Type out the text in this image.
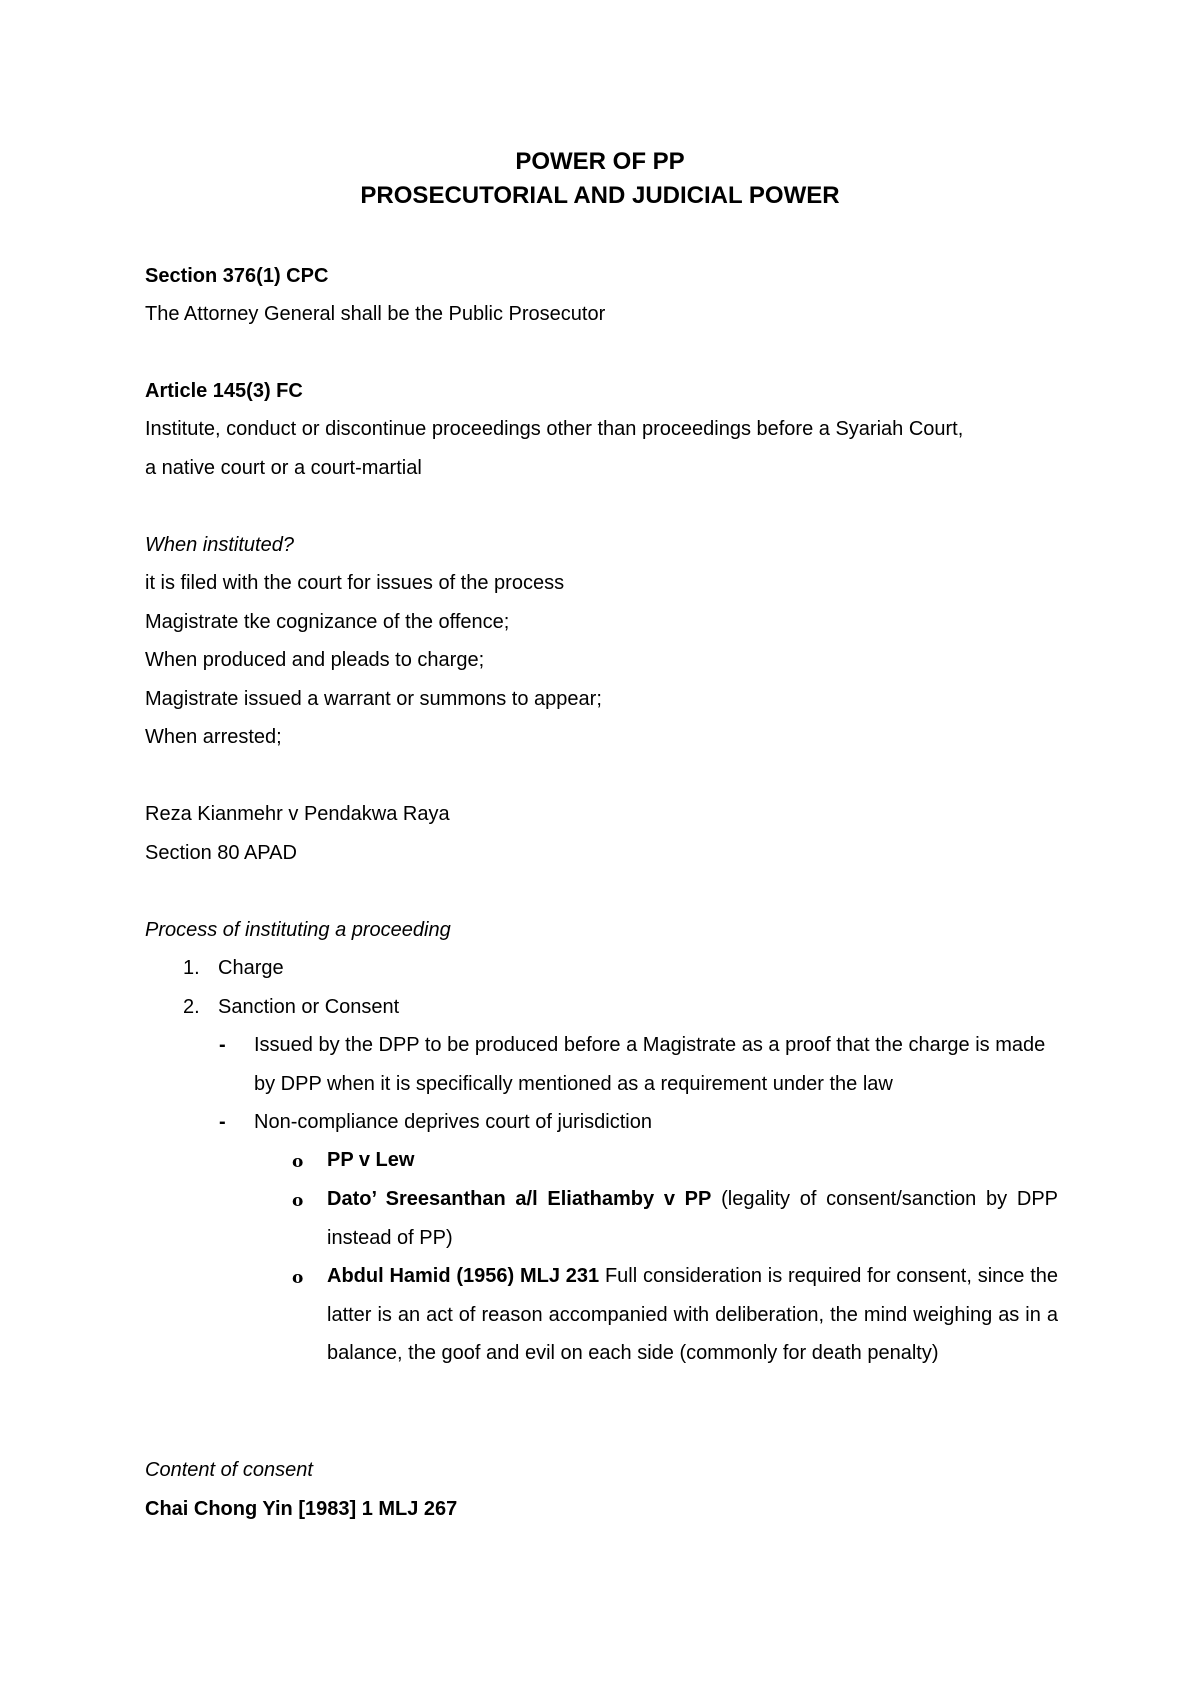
POWER OF PP
PROSECUTORIAL AND JUDICIAL POWER
Section 376(1) CPC
The Attorney General shall be the Public Prosecutor
Article 145(3) FC
Institute, conduct or discontinue proceedings other than proceedings before a Syariah Court,
a native court or a court-martial
When instituted?
it is filed with the court for issues of the process
Magistrate tke cognizance of the offence;
When produced and pleads to charge;
Magistrate issued a warrant or summons to appear;
When arrested;
Reza Kianmehr v Pendakwa Raya
Section 80 APAD
Process of instituting a proceeding
1. Charge
2. Sanction or Consent
- Issued by the DPP to be produced before a Magistrate as a proof that the charge is made by DPP when it is specifically mentioned as a requirement under the law
- Non-compliance deprives court of jurisdiction
o PP v Lew
o Dato’ Sreesanthan a/l Eliathamby v PP (legality of consent/sanction by DPP instead of PP)
o Abdul Hamid (1956) MLJ 231 Full consideration is required for consent, since the latter is an act of reason accompanied with deliberation, the mind weighing as in a balance, the goof and evil on each side (commonly for death penalty)
Content of consent
Chai Chong Yin [1983] 1 MLJ 267
